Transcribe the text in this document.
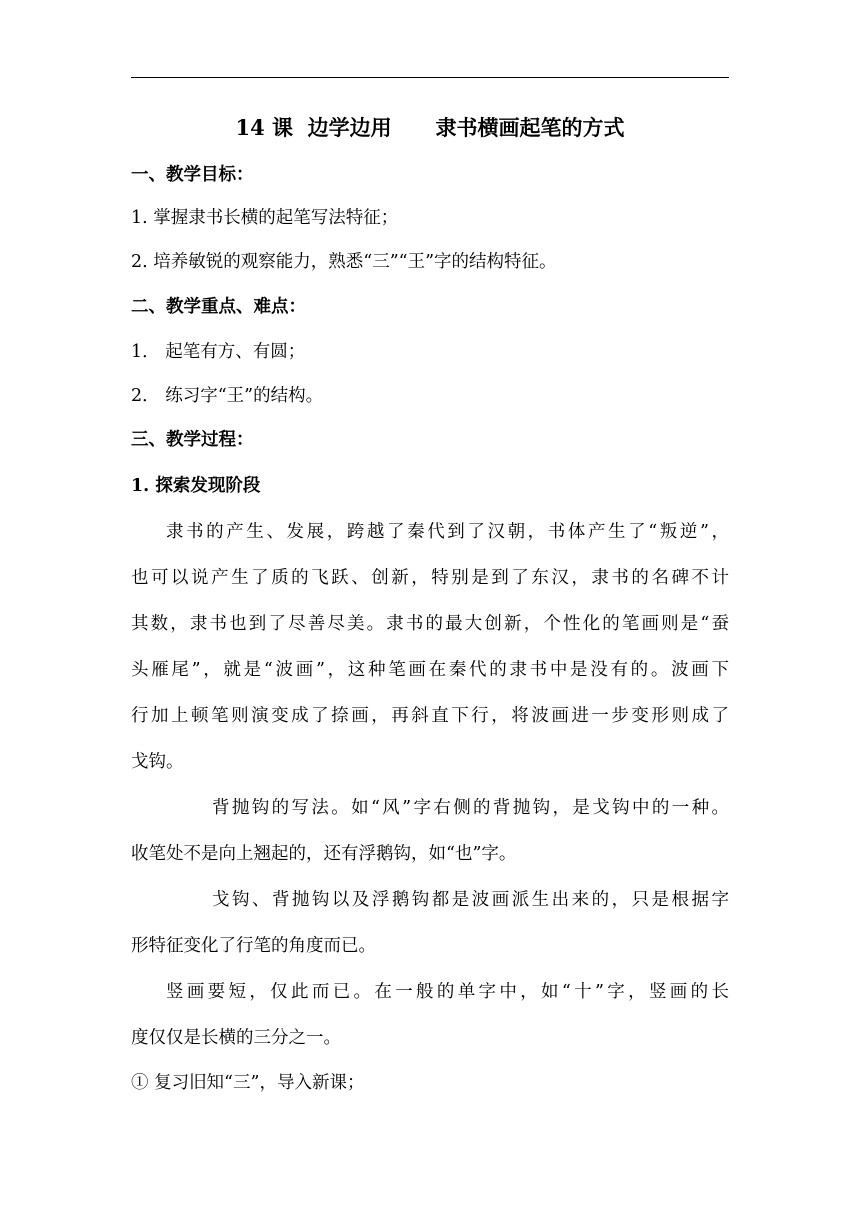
14 课  边学边用      隶书横画起笔的方式
一、教学目标：
1. 掌握隶书长横的起笔写法特征；
2. 培养敏锐的观察能力，熟悉“三”“王”字的结构特征。
二、教学重点、难点：
1． 起笔有方、有圆；
2． 练习字“王”的结构。
三、教学过程：
1. 探索发现阶段
隶书的产生、发展，跨越了秦代到了汉朝，书体产生了“叛逆”，
也可以说产生了质的飞跃、创新，特别是到了东汉，隶书的名碑不计
其数，隶书也到了尽善尽美。隶书的最大创新，个性化的笔画则是“蚕
头雁尾”，就是“波画”，这种笔画在秦代的隶书中是没有的。波画下
行加上顿笔则演变成了捺画，再斜直下行，将波画进一步变形则成了
戈钩。
背抛钩的写法。如“风”字右侧的背抛钩，是戈钩中的一种。
收笔处不是向上翘起的，还有浮鹅钩，如“也”字。
戈钩、背抛钩以及浮鹅钩都是波画派生出来的，只是根据字
形特征变化了行笔的角度而已。
竖画要短，仅此而已。在一般的单字中，如“十”字，竖画的长
度仅仅是长横的三分之一。
① 复习旧知“三”，导入新课；
